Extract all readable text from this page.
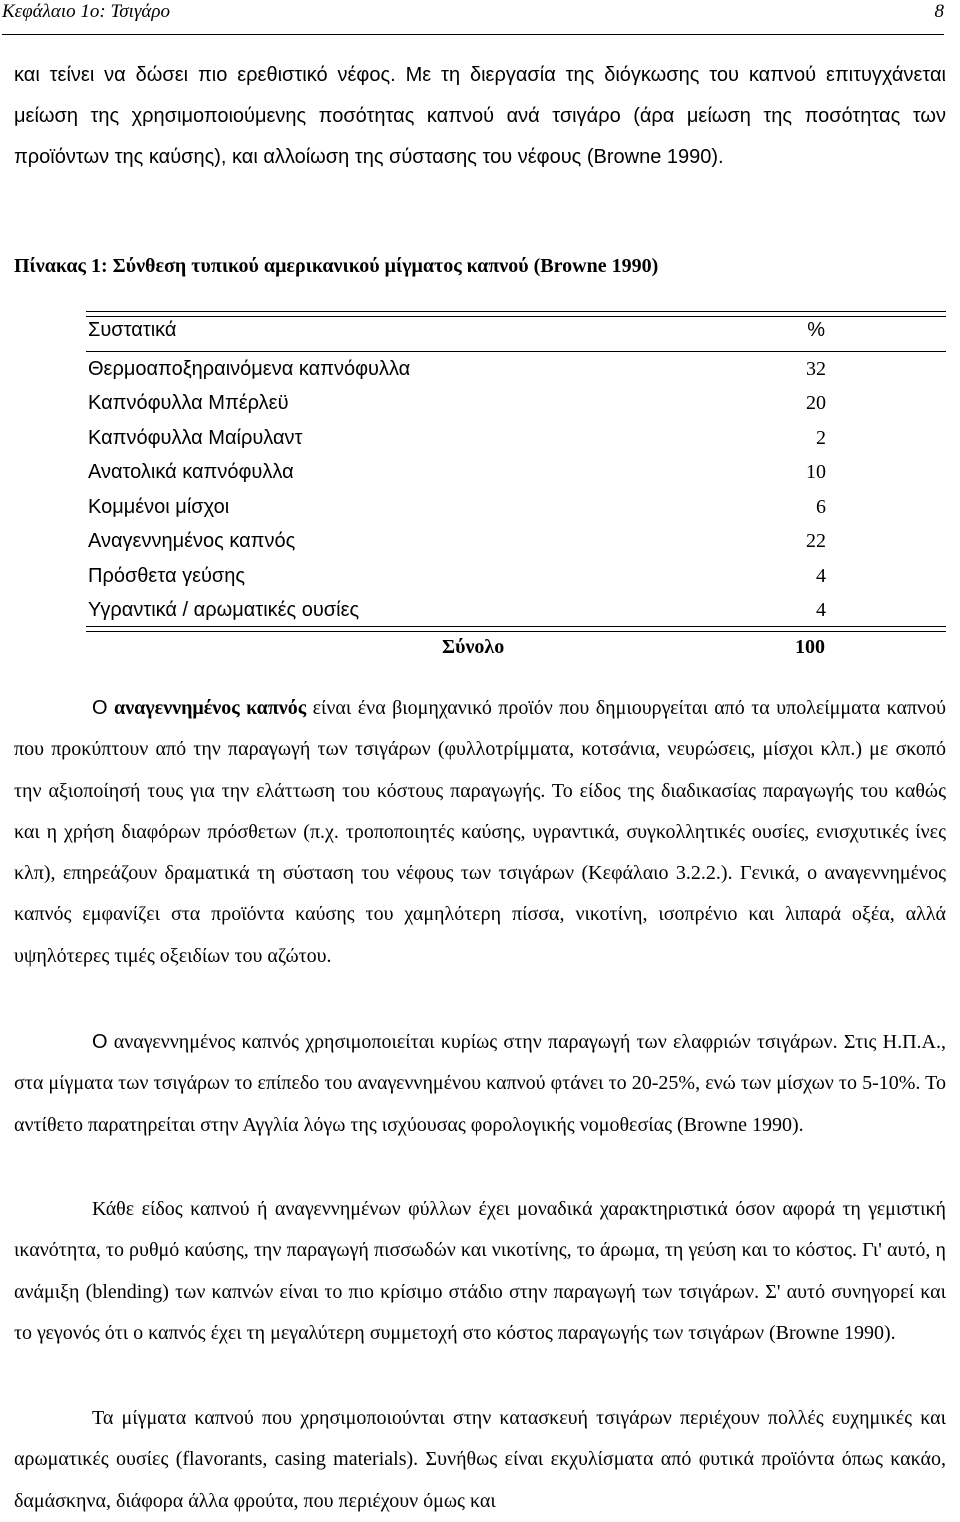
Κεφάλαιο 1ο: Τσιγάρο	8

και τείνει να δώσει πιο ερεθιστικό νέφος. Με τη διεργασία της διόγκωσης του καπνού επιτυγχάνεται μείωση της χρησιμοποιούμενης ποσότητας καπνού ανά τσιγάρο (άρα μείωση της ποσότητας των προϊόντων της καύσης), και αλλοίωση της σύστασης του νέφους (Browne 1990).

Πίνακας 1: Σύνθεση τυπικού αμερικανικού μίγματος καπνού (Browne 1990)
Συστατικά	%
Θερμοαποξηραινόμενα καπνόφυλλα	32
Καπνόφυλλα Μπέρλεϋ	20
Καπνόφυλλα Μαίρυλαντ	2
Ανατολικά καπνόφυλλα	10
Κομμένοι μίσχοι	6
Αναγεννημένος καπνός	22
Πρόσθετα γεύσης	4
Υγραντικά / αρωματικές ουσίες	4
Σύνολο	100

Ο αναγεννημένος καπνός είναι ένα βιομηχανικό προϊόν που δημιουργείται από τα υπολείμματα καπνού που προκύπτουν από την παραγωγή των τσιγάρων (φυλλοτρίμματα, κοτσάνια, νευρώσεις, μίσχοι κλπ.) με σκοπό την αξιοποίησή τους για την ελάττωση του κόστους παραγωγής. Το είδος της διαδικασίας παραγωγής του καθώς και η χρήση διαφόρων πρόσθετων (π.χ. τροποποιητές καύσης, υγραντικά, συγκολλητικές ουσίες, ενισχυτικές ίνες κλπ), επηρεάζουν δραματικά τη σύσταση του νέφους των τσιγάρων (Κεφάλαιο 3.2.2.). Γενικά, ο αναγεννημένος καπνός εμφανίζει στα προϊόντα καύσης του χαμηλότερη πίσσα, νικοτίνη, ισοπρένιο και λιπαρά οξέα, αλλά υψηλότερες τιμές οξειδίων του αζώτου.

Ο αναγεννημένος καπνός χρησιμοποιείται κυρίως στην παραγωγή των ελαφριών τσιγάρων. Στις Η.Π.Α., στα μίγματα των τσιγάρων το επίπεδο του αναγεννημένου καπνού φτάνει το 20-25%, ενώ των μίσχων το 5-10%. Το αντίθετο παρατηρείται στην Αγγλία λόγω της ισχύουσας φορολογικής νομοθεσίας (Browne 1990).

Κάθε είδος καπνού ή αναγεννημένων φύλλων έχει μοναδικά χαρακτηριστικά όσον αφορά τη γεμιστική ικανότητα, το ρυθμό καύσης, την παραγωγή πισσωδών και νικοτίνης, το άρωμα, τη γεύση και το κόστος. Γι' αυτό, η ανάμιξη (blending) των καπνών είναι το πιο κρίσιμο στάδιο στην παραγωγή των τσιγάρων. Σ' αυτό συνηγορεί και το γεγονός ότι ο καπνός έχει τη μεγαλύτερη συμμετοχή στο κόστος παραγωγής των τσιγάρων (Browne 1990).

Τα μίγματα καπνού που χρησιμοποιούνται στην κατασκευή τσιγάρων περιέχουν πολλές ευχημικές και αρωματικές ουσίες (flavorants, casing materials). Συνήθως είναι εκχυλίσματα από φυτικά προϊόντα όπως κακάο, δαμάσκηνα, διάφορα άλλα φρούτα, που περιέχουν όμως και
